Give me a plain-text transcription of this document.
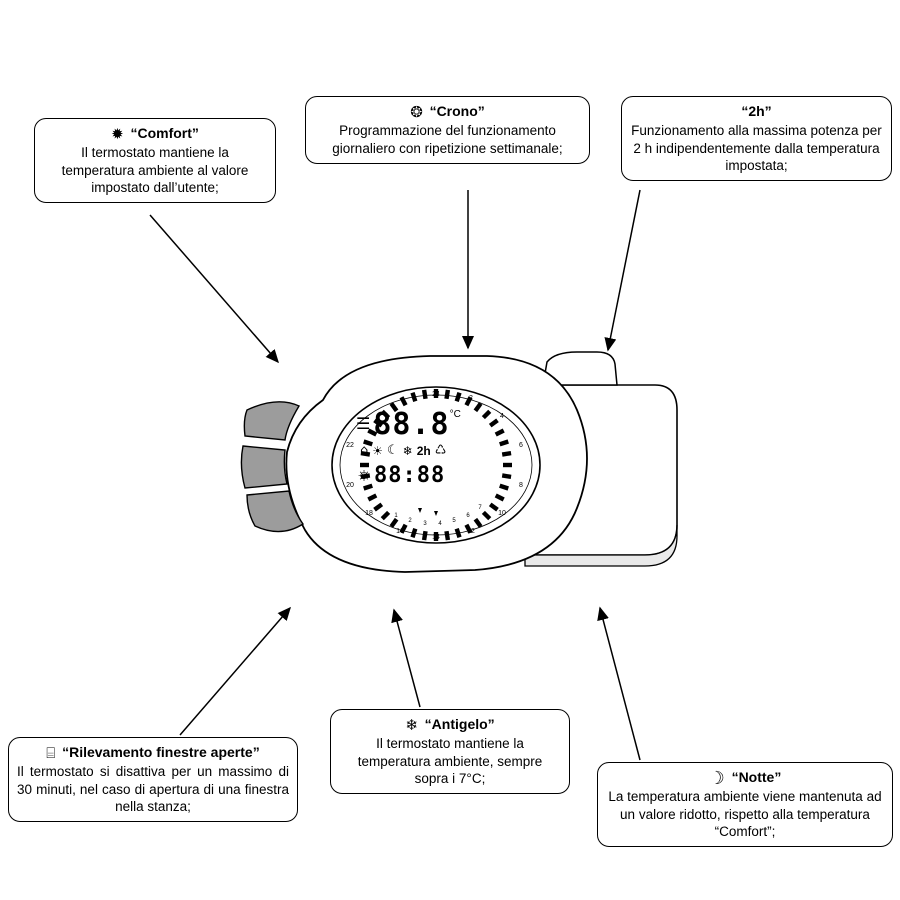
24
2
4
6
8
10
12
14
16
18
20
22
1
2 3 4 5
6
7
☰ 88.8 °C
⌂ ☀ ☾ ❄ 2h ♺
⎈ 88:88
✹ “Comfort”
Il termostato mantiene la temperatura ambiente al valore impostato dall’utente;
❂ “Crono”
Programmazione del funzionamento giornaliero con ripetizione settimanale;
“2h”
Funzionamento alla massima potenza per 2 h indipendentemente dalla temperatura impostata;
⌸ “Rilevamento finestre aperte”
Il termostato si disattiva per un massimo di 30 minuti, nel caso di apertura di una finestra nella stanza;
❄ “Antigelo”
Il termostato mantiene la temperatura ambiente, sempre sopra i 7°C;	☽ “Notte”
La temperatura ambiente viene mantenuta ad un valore ridotto, rispetto alla temperatura “Comfort”;
